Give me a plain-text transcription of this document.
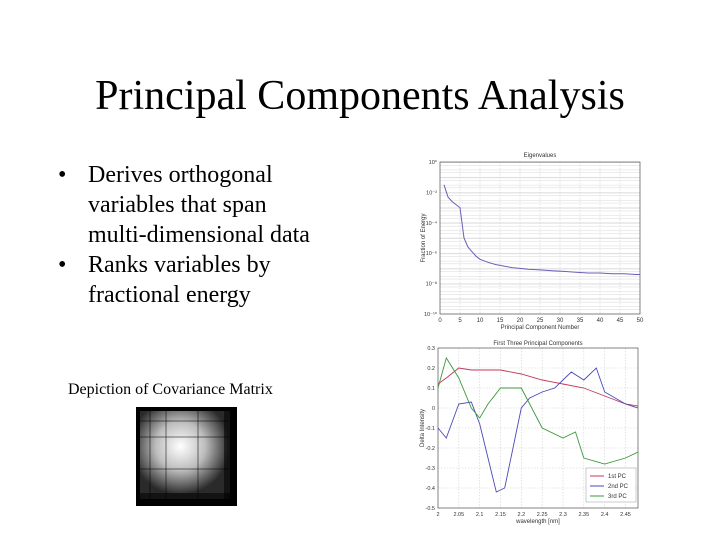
Principal Components Analysis
• Derives orthogonal
variables that span
multi-dimensional data
• Ranks variables by
fractional energy
Depiction of Covariance Matrix
Eigenvalues
0	5 10 15 20 25 30 35 40 45 50
10⁰
10⁻²
10⁻⁴
10⁻⁶
10⁻⁸
10⁻¹⁰
Principal Component Number
Fraction of Energy
First Three Principal Components
0.3
0.2
0.1
0
-0.1
-0.2
-0.3
-0.4
-0.5
2	2.05 2.1 2.15 2.2 2.25 2.3 2.35 2.4 2.45
wavelength [nm]
Delta Intensity
1st PC
2nd PC
3rd PC
